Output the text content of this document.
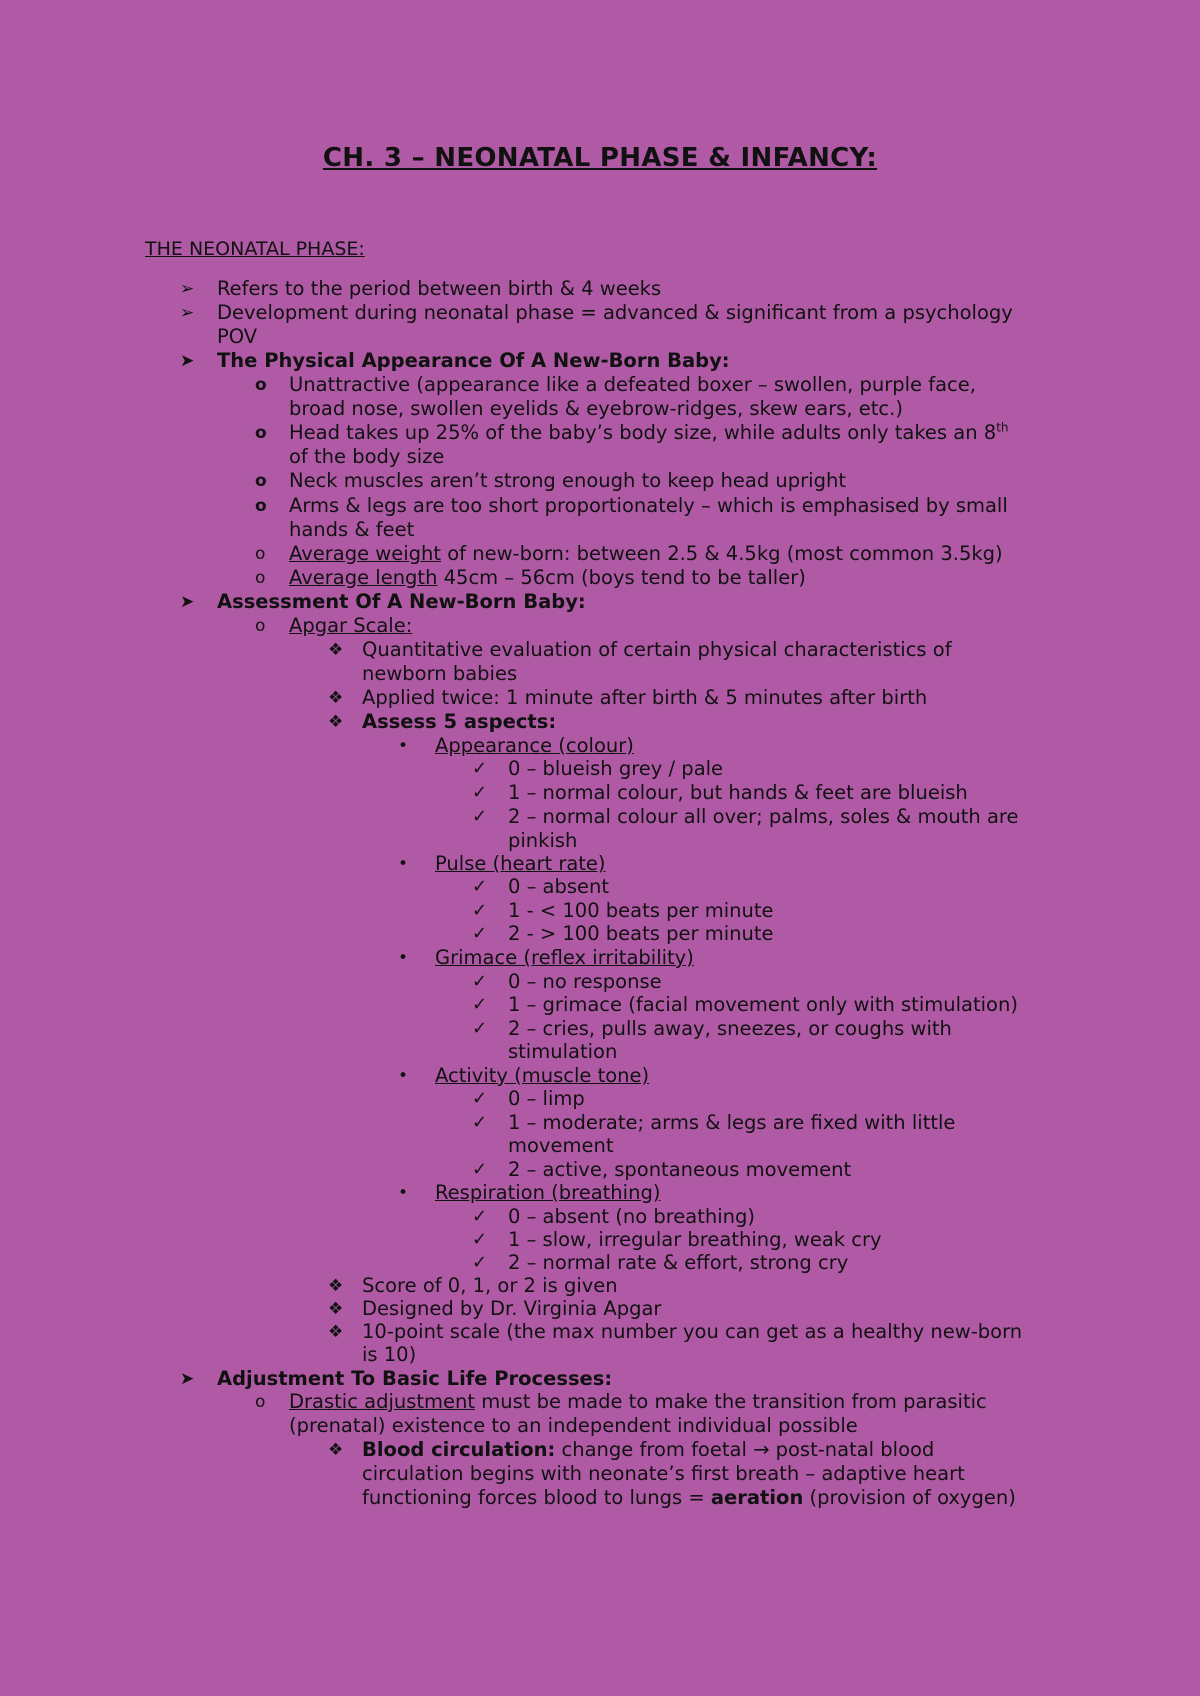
CH. 3 – NEONATAL PHASE & INFANCY:
THE NEONATAL PHASE:
➢ Refers to the period between birth & 4 weeks
➢ Development during neonatal phase = advanced & significant from a psychology
POV
➤ The Physical Appearance Of A New-Born Baby:
o Unattractive (appearance like a defeated boxer – swollen, purple face,
broad nose, swollen eyelids & eyebrow-ridges, skew ears, etc.)
o Head takes up 25% of the baby’s body size, while adults only takes an 8th
of the body size
o Neck muscles aren’t strong enough to keep head upright
o Arms & legs are too short proportionately – which is emphasised by small
hands & feet
o Average weight of new-born: between 2.5 & 4.5kg (most common 3.5kg)
o Average length 45cm – 56cm (boys tend to be taller)
➤ Assessment Of A New-Born Baby:
o Apgar Scale:
❖ Quantitative evaluation of certain physical characteristics of
newborn babies
❖ Applied twice: 1 minute after birth & 5 minutes after birth
❖ Assess 5 aspects:
• Appearance (colour)
✓ 0 – blueish grey / pale
✓ 1 – normal colour, but hands & feet are blueish
✓ 2 – normal colour all over; palms, soles & mouth are
pinkish
• Pulse (heart rate)
✓ 0 – absent
✓ 1 - < 100 beats per minute
✓ 2 - > 100 beats per minute
• Grimace (reflex irritability)
✓ 0 – no response
✓ 1 – grimace (facial movement only with stimulation)
✓ 2 – cries, pulls away, sneezes, or coughs with
stimulation
• Activity (muscle tone)
✓ 0 – limp
✓ 1 – moderate; arms & legs are fixed with little
movement
✓ 2 – active, spontaneous movement
• Respiration (breathing)
✓ 0 – absent (no breathing)
✓ 1 – slow, irregular breathing, weak cry
✓ 2 – normal rate & effort, strong cry
❖ Score of 0, 1, or 2 is given
❖ Designed by Dr. Virginia Apgar
❖ 10-point scale (the max number you can get as a healthy new-born
is 10)
➤ Adjustment To Basic Life Processes:
o Drastic adjustment must be made to make the transition from parasitic
(prenatal) existence to an independent individual possible
❖ Blood circulation: change from foetal → post-natal blood
circulation begins with neonate’s first breath – adaptive heart
functioning forces blood to lungs = aeration (provision of oxygen)
